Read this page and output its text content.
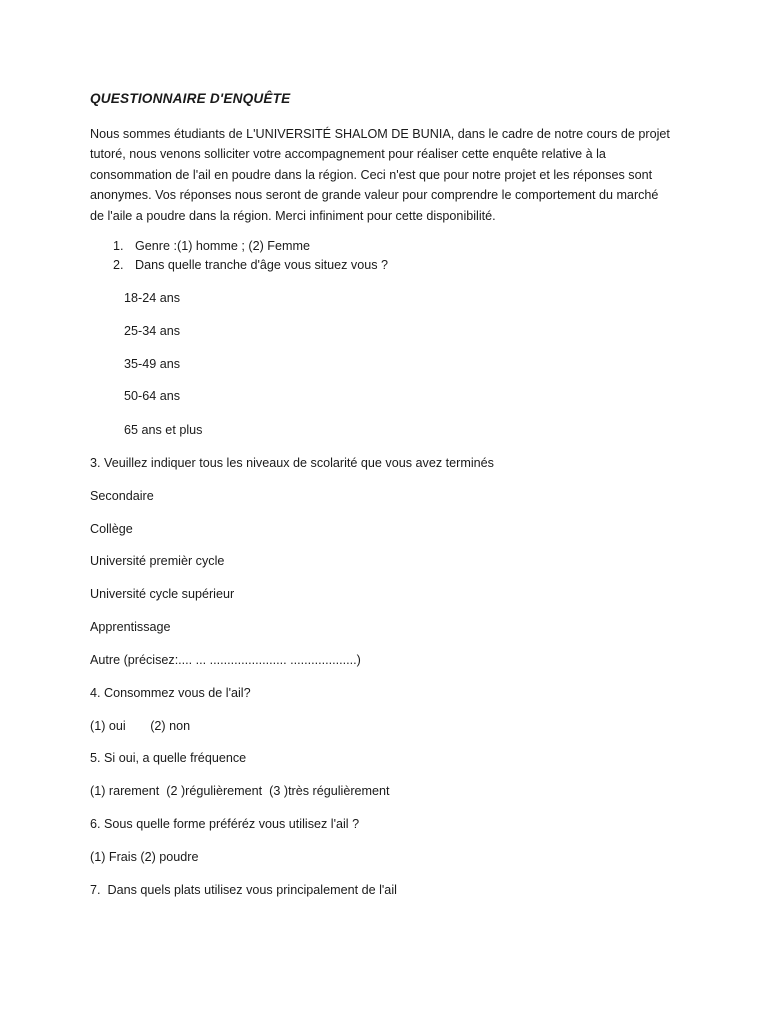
QUESTIONNAIRE D'ENQUÊTE
Nous sommes étudiants de L'UNIVERSITÉ SHALOM DE BUNIA, dans le cadre de notre cours de projet tutoré, nous venons solliciter votre accompagnement pour réaliser cette enquête relative à la consommation de l'ail en poudre dans la région. Ceci n'est que pour notre projet et les réponses sont anonymes. Vos réponses nous seront de grande valeur pour comprendre le comportement du marché de l'aile a poudre dans la région. Merci infiniment pour cette disponibilité.
1. Genre :(1) homme ; (2) Femme
2. Dans quelle tranche d'âge vous situez vous ?
18-24 ans
25-34 ans
35-49 ans
50-64 ans
65 ans et plus
3. Veuillez indiquer tous les niveaux de scolarité que vous avez terminés
Secondaire
Collège
Université premièr cycle
Université cycle supérieur
Apprentissage
Autre (précisez:.... ... ...................... ...................)
4. Consommez vous de l'ail?
(1) oui       (2) non
5. Si oui, a quelle fréquence
(1) rarement  (2 )régulièrement  (3 )très régulièrement
6. Sous quelle forme préféréz vous utilisez l'ail ?
(1) Frais (2) poudre
7.  Dans quels plats utilisez vous principalement de l'ail
